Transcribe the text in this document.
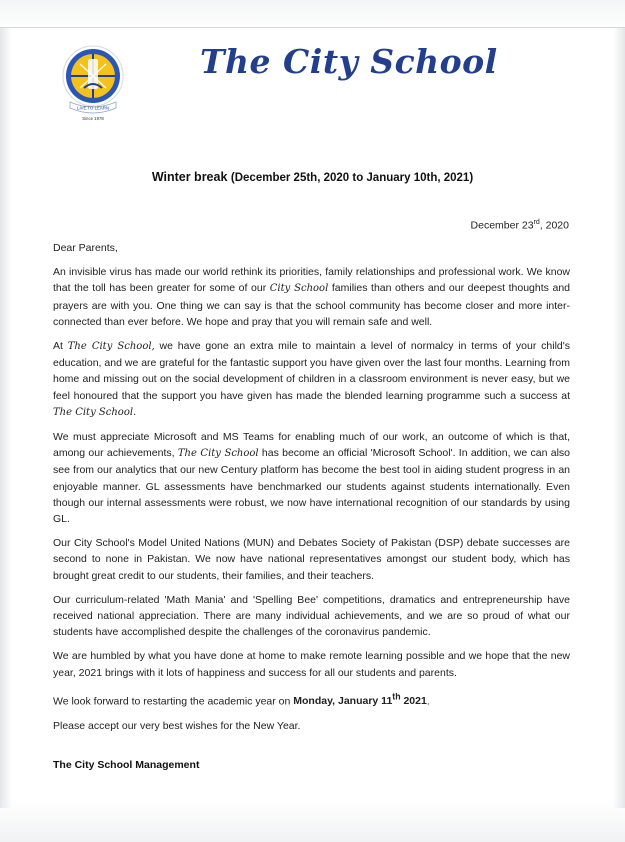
LIVE TO LEARN
Since 1978
The City School
Winter break (December 25th, 2020 to January 10th, 2021)
December 23rd, 2020

Dear Parents,

An invisible virus has made our world rethink its priorities, family relationships and professional work. We know that the toll has been greater for some of our City School families than others and our deepest thoughts and prayers are with you. One thing we can say is that the school community has become closer and more inter-connected than ever before. We hope and pray that you will remain safe and well.

At The City School, we have gone an extra mile to maintain a level of normalcy in terms of your child's education, and we are grateful for the fantastic support you have given over the last four months. Learning from home and missing out on the social development of children in a classroom environment is never easy, but we feel honoured that the support you have given has made the blended learning programme such a success at The City School.

We must appreciate Microsoft and MS Teams for enabling much of our work, an outcome of which is that, among our achievements, The City School has become an official 'Microsoft School'. In addition, we can also see from our analytics that our new Century platform has become the best tool in aiding student progress in an enjoyable manner. GL assessments have benchmarked our students against students internationally. Even though our internal assessments were robust, we now have international recognition of our standards by using GL.

Our City School's Model United Nations (MUN) and Debates Society of Pakistan (DSP) debate successes are second to none in Pakistan. We now have national representatives amongst our student body, which has brought great credit to our students, their families, and their teachers.

Our curriculum-related 'Math Mania' and 'Spelling Bee' competitions, dramatics and entrepreneurship have received national appreciation. There are many individual achievements, and we are so proud of what our students have accomplished despite the challenges of the coronavirus pandemic.

We are humbled by what you have done at home to make remote learning possible and we hope that the new year, 2021 brings with it lots of happiness and success for all our students and parents.

We look forward to restarting the academic year on Monday, January 11th 2021.

Please accept our very best wishes for the New Year.

The City School Management
